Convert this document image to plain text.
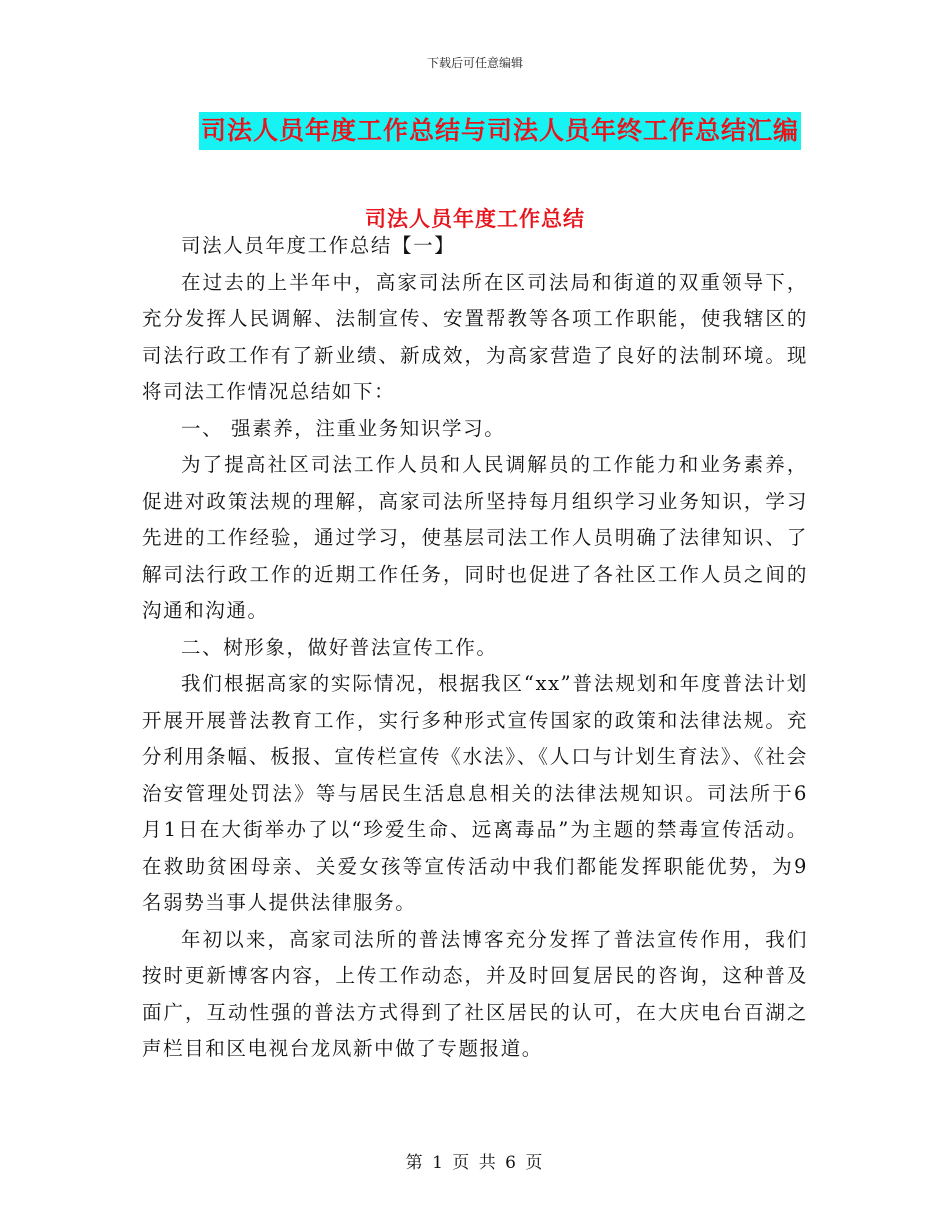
下载后可任意编辑
司法人员年度工作总结与司法人员年终工作总结汇编
司法人员年度工作总结

司法人员年度工作总结【一】

在过去的上半年中，高家司法所在区司法局和街道的双重领导下，充分发挥人民调解、法制宣传、安置帮教等各项工作职能，使我辖区的司法行政工作有了新业绩、新成效，为高家营造了良好的法制环境。现将司法工作情况总结如下：

一、 强素养，注重业务知识学习。

为了提高社区司法工作人员和人民调解员的工作能力和业务素养，促进对政策法规的理解，高家司法所坚持每月组织学习业务知识，学习先进的工作经验，通过学习，使基层司法工作人员明确了法律知识、了解司法行政工作的近期工作任务，同时也促进了各社区工作人员之间的沟通和沟通。

二、树形象，做好普法宣传工作。

我们根据高家的实际情况，根据我区“xx”普法规划和年度普法计划开展开展普法教育工作，实行多种形式宣传国家的政策和法律法规。充分利用条幅、板报、宣传栏宣传《水法》、《人口与计划生育法》、《社会治安管理处罚法》等与居民生活息息相关的法律法规知识。司法所于6月1日在大街举办了以“珍爱生命、远离毒品”为主题的禁毒宣传活动。在救助贫困母亲、关爱女孩等宣传活动中我们都能发挥职能优势，为9名弱势当事人提供法律服务。

年初以来，高家司法所的普法博客充分发挥了普法宣传作用，我们按时更新博客内容，上传工作动态，并及时回复居民的咨询，这种普及面广，互动性强的普法方式得到了社区居民的认可，在大庆电台百湖之声栏目和区电视台龙凤新中做了专题报道。

第 1 页 共 6 页
